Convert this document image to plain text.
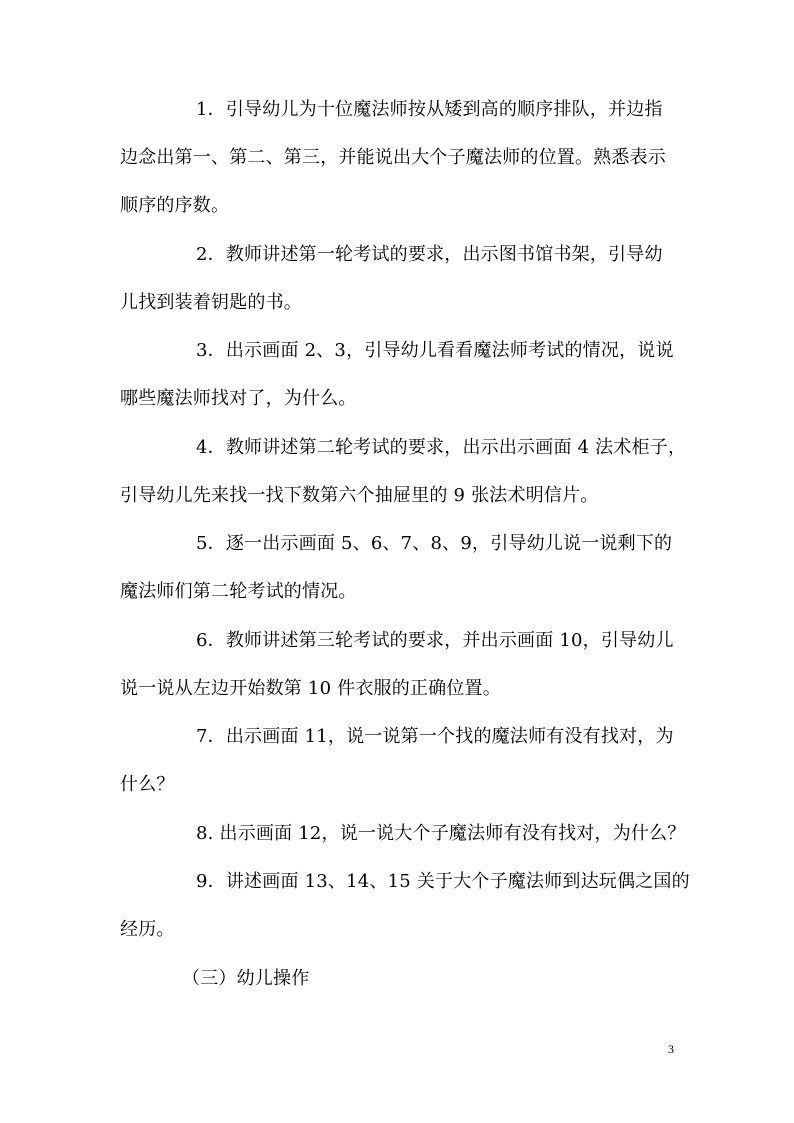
1．引导幼儿为十位魔法师按从矮到高的顺序排队，并边指
边念出第一、第二、第三，并能说出大个子魔法师的位置。熟悉表示
顺序的序数。
2．教师讲述第一轮考试的要求，出示图书馆书架，引导幼
儿找到装着钥匙的书。
3．出示画面 2、3，引导幼儿看看魔法师考试的情况，说说
哪些魔法师找对了，为什么。
4．教师讲述第二轮考试的要求，出示出示画面 4 法术柜子，
引导幼儿先来找一找下数第六个抽屉里的 9 张法术明信片。
5．逐一出示画面 5、6、7、8、9，引导幼儿说一说剩下的
魔法师们第二轮考试的情况。
6．教师讲述第三轮考试的要求，并出示画面 10，引导幼儿
说一说从左边开始数第 10 件衣服的正确位置。
7．出示画面 11，说一说第一个找的魔法师有没有找对，为
什么？
8. 出示画面 12，说一说大个子魔法师有没有找对，为什么？
9．讲述画面 13、14、15 关于大个子魔法师到达玩偶之国的
经历。
（三）幼儿操作
3
